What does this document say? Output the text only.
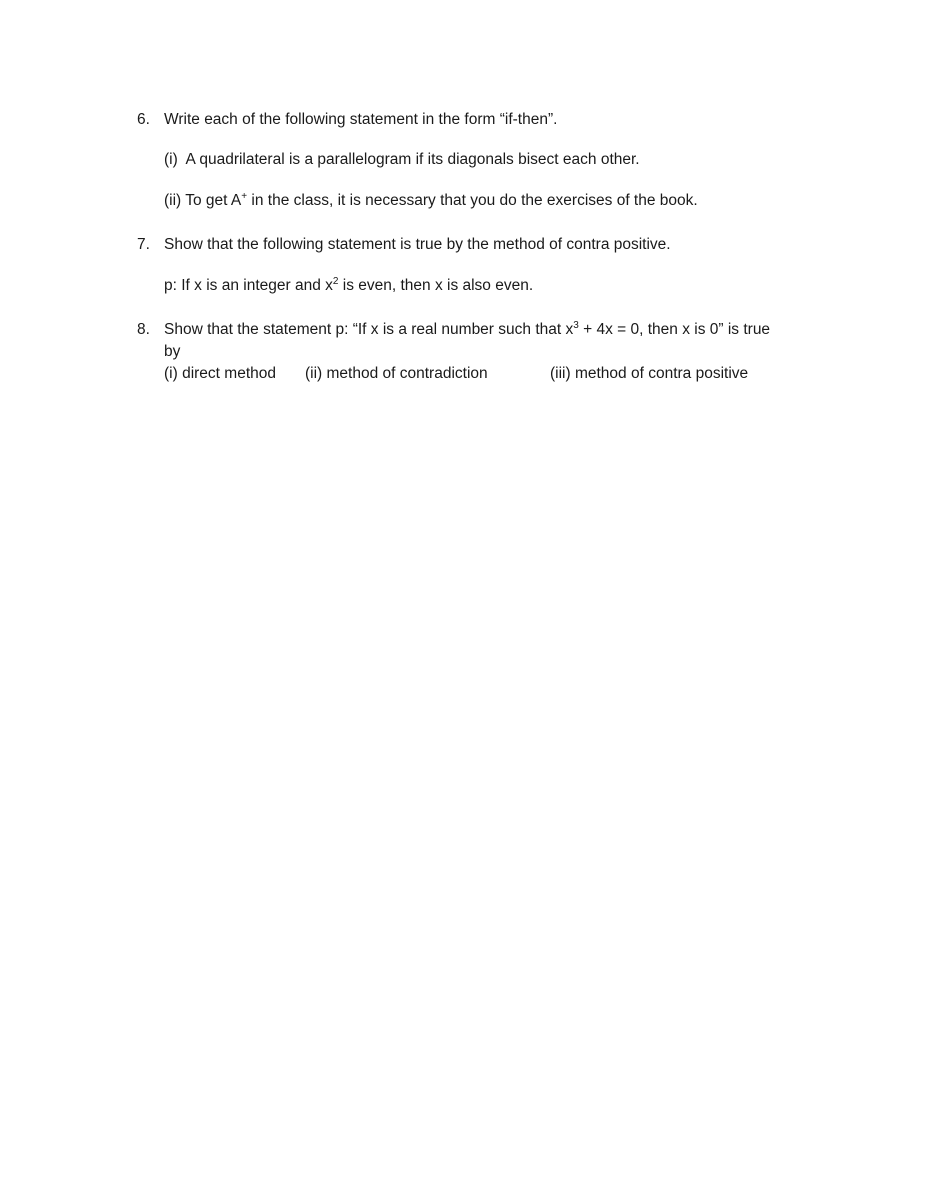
6. Write each of the following statement in the form “if-then”.
(i) A quadrilateral is a parallelogram if its diagonals bisect each other.
(ii) To get A+ in the class, it is necessary that you do the exercises of the book.
7. Show that the following statement is true by the method of contra positive.
p: If x is an integer and $x^2$ is even, then x is also even.
8. Show that the statement p: “If x is a real number such that $x^3 + 4x = 0$, then x is 0” is true
by
(i) direct method (ii) method of contradiction	(iii) method of contra positive
